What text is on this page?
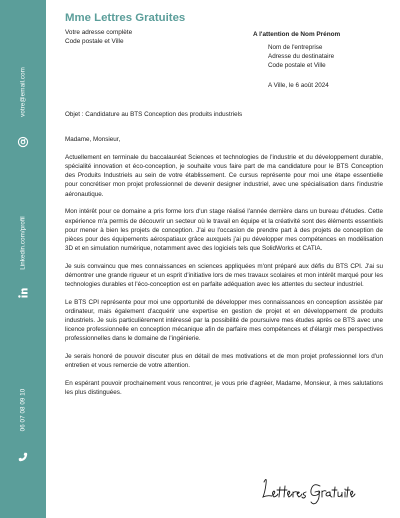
votre@email.com
Linkedin.com/profil
06 07 08 09 10
Mme Lettres Gratuites
Votre adresse complète
Code postale et Ville
A l'attention de Nom Prénom
Nom de l'entreprise
Adresse du destinataire
Code postale et Ville
A Ville, le 6 août 2024
Objet : Candidature au BTS Conception des produits industriels
Madame, Monsieur,

Actuellement en terminale du baccalauréat Sciences et technologies de l'industrie et du développement durable, spécialité innovation et éco-conception, je souhaite vous faire part de ma candidature pour le BTS Conception des Produits Industriels au sein de votre établissement. Ce cursus représente pour moi une étape essentielle pour concrétiser mon projet professionnel de devenir designer industriel, avec une spécialisation dans l'industrie aéronautique.

Mon intérêt pour ce domaine a pris forme lors d'un stage réalisé l'année dernière dans un bureau d'études. Cette expérience m'a permis de découvrir un secteur où le travail en équipe et la créativité sont des éléments essentiels pour mener à bien les projets de conception. J'ai eu l'occasion de prendre part à des projets de conception de pièces pour des équipements aérospatiaux grâce auxquels j'ai pu développer mes compétences en modélisation 3D et en simulation numérique, notamment avec des logiciels tels que SolidWorks et CATIA.

Je suis convaincu que mes connaissances en sciences appliquées m'ont préparé aux défis du BTS CPI. J'ai su démontrer une grande rigueur et un esprit d'initiative lors de mes travaux scolaires et mon intérêt marqué pour les technologies durables et l'éco-conception est en parfaite adéquation avec les attentes du secteur industriel.

Le BTS CPI représente pour moi une opportunité de développer mes connaissances en conception assistée par ordinateur, mais également d'acquérir une expertise en gestion de projet et en développement de produits industriels. Je suis particulièrement intéressé par la possibilité de poursuivre mes études après ce BTS avec une licence professionnelle en conception mécanique afin de parfaire mes compétences et d'élargir mes perspectives professionnelles dans le domaine de l'ingénierie.

Je serais honoré de pouvoir discuter plus en détail de mes motivations et de mon projet professionnel lors d'un entretien et vous remercie de votre attention.

En espérant pouvoir prochainement vous rencontrer, je vous prie d'agréer, Madame, Monsieur, à mes salutations les plus distinguées.
